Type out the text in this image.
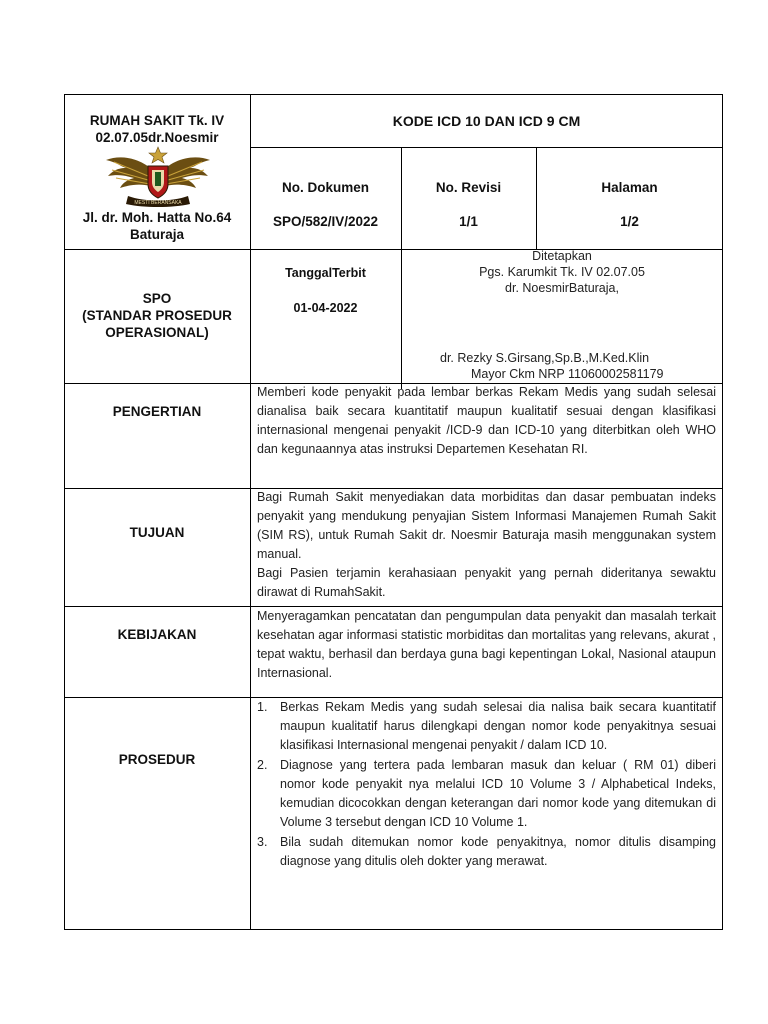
RUMAH SAKIT Tk. IV
02.07.05dr.Noesmir
MESTI BERANSAKA
Jl. dr. Moh. Hatta No.64
Baturaja
KODE ICD 10 DAN ICD 9 CM
No. Dokumen
SPO/582/IV/2022
No. Revisi
1/1
Halaman
1/2
SPO
(STANDAR PROSEDUR
OPERASIONAL)
TanggalTerbit
01-04-2022
Ditetapkan
Pgs. Karumkit Tk. IV 02.07.05
dr. NoesmirBaturaja,
dr. Rezky S.Girsang,Sp.B.,M.Ked.Klin
Mayor Ckm NRP 11060002581179
PENGERTIAN

Memberi kode penyakit pada lembar berkas Rekam Medis yang sudah selesai dianalisa baik secara kuantitatif maupun kualitatif sesuai dengan klasifikasi internasional mengenai penyakit /ICD-9 dan ICD-10 yang diterbitkan oleh WHO dan kegunaannya atas instruksi Departemen Kesehatan RI.

TUJUAN

Bagi Rumah Sakit menyediakan data morbiditas dan dasar pembuatan indeks penyakit yang mendukung penyajian Sistem Informasi Manajemen Rumah Sakit (SIM RS), untuk Rumah Sakit dr. Noesmir Baturaja masih menggunakan system manual.

Bagi Pasien terjamin kerahasiaan penyakit yang pernah dideritanya sewaktu dirawat di RumahSakit.

KEBIJAKAN

Menyeragamkan pencatatan dan pengumpulan data penyakit dan masalah terkait kesehatan agar informasi statistic morbiditas dan mortalitas yang relevans, akurat , tepat waktu, berhasil dan berdaya guna bagi kepentingan Lokal, Nasional ataupun Internasional.

PROSEDUR
1. Berkas Rekam Medis yang sudah selesai dia nalisa baik secara kuantitatif maupun kualitatif harus dilengkapi dengan nomor kode penyakitnya sesuai klasifikasi Internasional mengenai penyakit / dalam ICD 10.
2. Diagnose yang tertera pada lembaran masuk dan keluar ( RM 01) diberi nomor kode penyakit nya melalui ICD 10 Volume 3 / Alphabetical Indeks, kemudian dicocokkan dengan keterangan dari nomor kode yang ditemukan di Volume 3 tersebut dengan ICD 10 Volume 1.
3. Bila sudah ditemukan nomor kode penyakitnya, nomor ditulis disamping diagnose yang ditulis oleh dokter yang merawat.
